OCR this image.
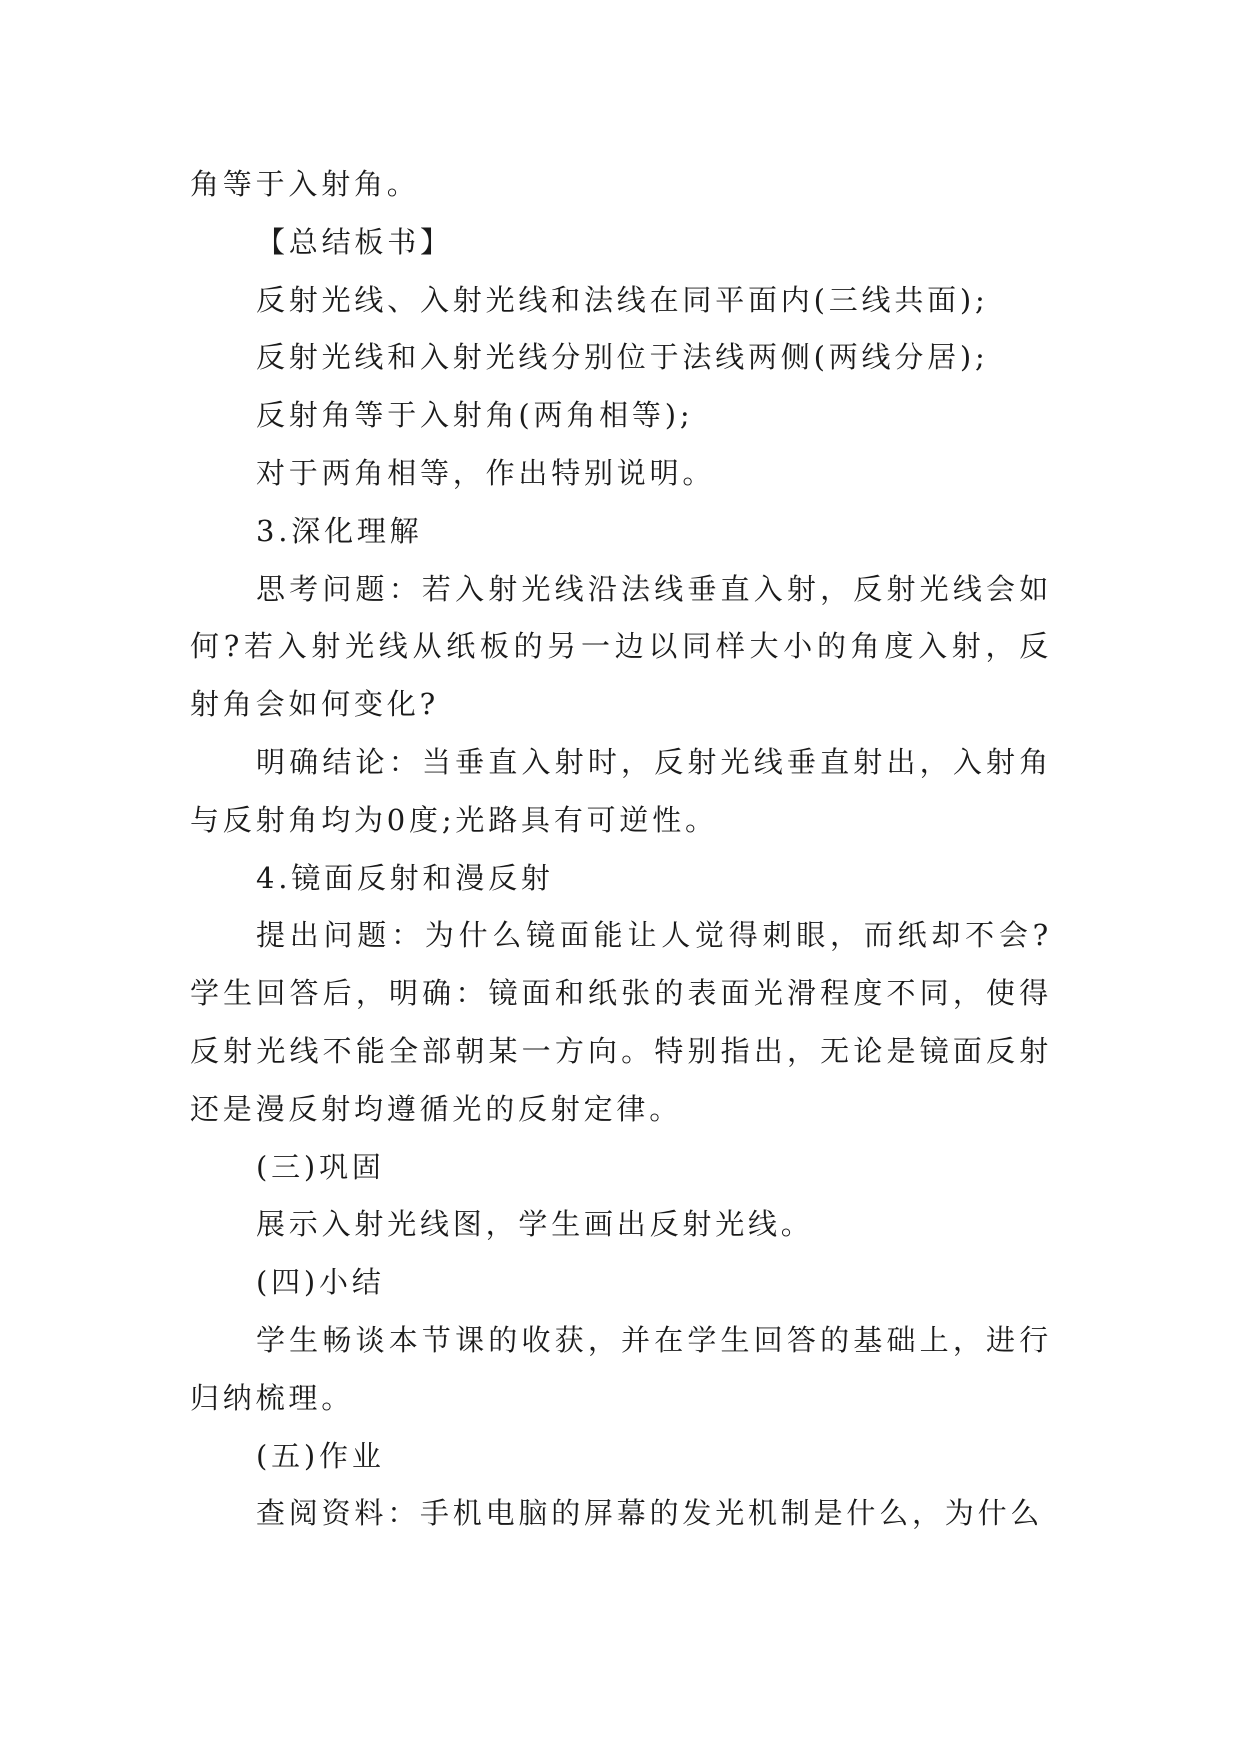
角等于入射角。

【总结板书】

反射光线、入射光线和法线在同平面内(三线共面);

反射光线和入射光线分别位于法线两侧(两线分居);

反射角等于入射角(两角相等);

对于两角相等，作出特别说明。

3.深化理解

思考问题：若入射光线沿法线垂直入射，反射光线会如何?若入射光线从纸板的另一边以同样大小的角度入射，反射角会如何变化?

明确结论：当垂直入射时，反射光线垂直射出，入射角与反射角均为0度;光路具有可逆性。

4.镜面反射和漫反射

提出问题：为什么镜面能让人觉得刺眼，而纸却不会?学生回答后，明确：镜面和纸张的表面光滑程度不同，使得反射光线不能全部朝某一方向。特别指出，无论是镜面反射还是漫反射均遵循光的反射定律。

(三)巩固

展示入射光线图，学生画出反射光线。

(四)小结

学生畅谈本节课的收获，并在学生回答的基础上，进行归纳梳理。

(五)作业

查阅资料：手机电脑的屏幕的发光机制是什么，为什么
